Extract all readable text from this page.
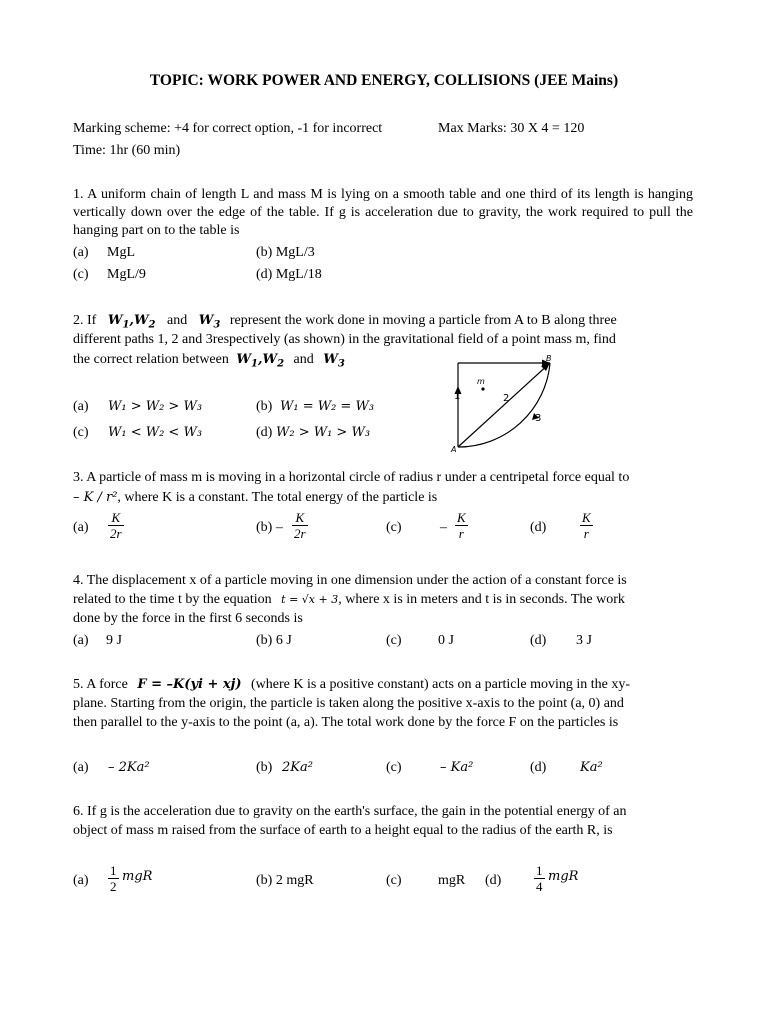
TOPIC: WORK POWER AND ENERGY, COLLISIONS (JEE Mains)
Marking scheme: +4 for correct option, -1 for incorrect	Max Marks: 30 X 4 = 120
Time: 1hr (60 min)
1. A uniform chain of length L and mass M is lying on a smooth table and one third of its length is hanging vertically down over the edge of the table. If g is acceleration due to gravity, the work required to pull the hanging part on to the table is
(a) MgL	(b) MgL/3
(c) MgL/9	(d) MgL/18
2. If $W_1,W_2$ and $W_3$ represent the work done in moving a particle from A to B along three
different paths 1, 2 and 3respectively (as shown) in the gravitational field of a point mass m, find
the correct relation between $W_1,W_2$ and $W_3$
m
A
B
1	2
3
(a) W₁ > W₂ > W₃	(b) W₁ = W₂ = W₃
(c) W₁ < W₂ < W₃	(d) W₂ > W₁ > W₃
3. A particle of mass m is moving in a horizontal circle of radius r under a centripetal force equal to
– K / r², where K is a constant. The total energy of the particle is
$(a) \frac{K}{2r}$	$(b) - \frac{K}{2r}$	(c)	– $\frac{K}{r}$	(d)	$\frac{K}{r}$
4. The displacement x of a particle moving in one dimension under the action of a constant force is
related to the time t by the equation t = √x + 3, where x is in meters and t is in seconds. The work
done by the force in the first 6 seconds is
(a) 9 J	(b) 6 J	(c)	0 J	(d) 3 J
5. A force F = –K(yi + xj) (where K is a positive constant) acts on a particle moving in the xy-
plane. Starting from the origin, the particle is taken along the positive x-axis to the point (a, 0) and
then parallel to the y-axis to the point (a, a). The total work done by the force F on the particles is
(a) – 2Ka²	(b) 2Ka²	(c)	– Ka²	(d)	Ka²
6. If g is the acceleration due to gravity on the earth's surface, the gain in the potential energy of an
object of mass m raised from the surface of earth to a height equal to the radius of the earth R, is
$(a) \frac{1}{2}$ mgR	(b) 2 mgR	(c)	mgR (d)	$\frac{1}{4}$ mgR
